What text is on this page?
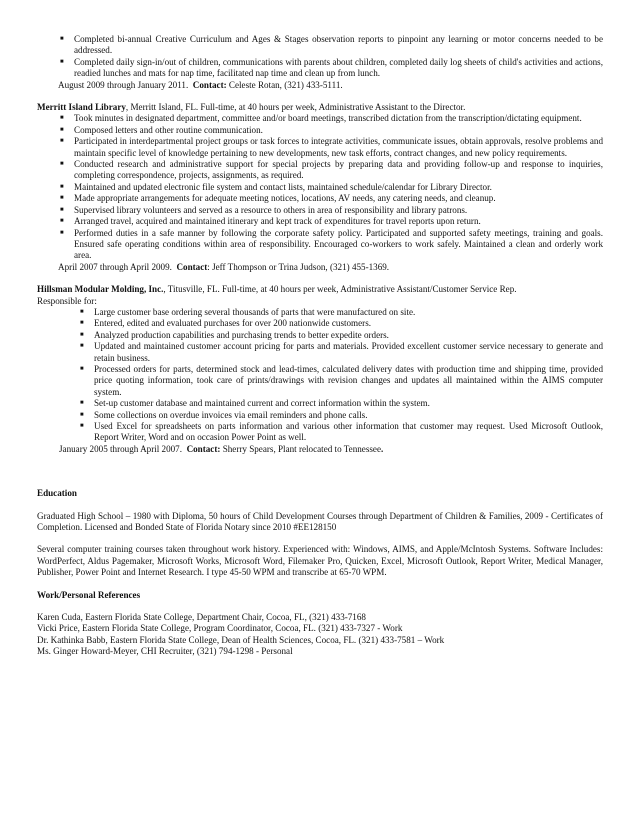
■ Completed bi-annual Creative Curriculum and Ages & Stages observation reports to pinpoint any learning or motor concerns needed to be addressed.
■ Completed daily sign-in/out of children, communications with parents about children, completed daily log sheets of child's activities and actions, readied lunches and mats for nap time, facilitated nap time and clean up from lunch.

August 2009 through January 2011. Contact: Celeste Rotan, (321) 433-5111.

Merritt Island Library, Merritt Island, FL. Full-time, at 40 hours per week, Administrative Assistant to the Director.

■ Took minutes in designated department, committee and/or board meetings, transcribed dictation from the transcription/dictating equipment.
■ Composed letters and other routine communication.
■ Participated in interdepartmental project groups or task forces to integrate activities, communicate issues, obtain approvals, resolve problems and maintain specific level of knowledge pertaining to new developments, new task efforts, contract changes, and new policy requirements.
■ Conducted research and administrative support for special projects by preparing data and providing follow-up and response to inquiries, completing correspondence, projects, assignments, as required.
■ Maintained and updated electronic file system and contact lists, maintained schedule/calendar for Library Director.
■ Made appropriate arrangements for adequate meeting notices, locations, AV needs, any catering needs, and cleanup.
■ Supervised library volunteers and served as a resource to others in area of responsibility and library patrons.
■ Arranged travel, acquired and maintained itinerary and kept track of expenditures for travel reports upon return.
■ Performed duties in a safe manner by following the corporate safety policy. Participated and supported safety meetings, training and goals. Ensured safe operating conditions within area of responsibility. Encouraged co-workers to work safely. Maintained a clean and orderly work area.

April 2007 through April 2009. Contact: Jeff Thompson or Trina Judson, (321) 455-1369.

Hillsman Modular Molding, Inc., Titusville, FL. Full-time, at 40 hours per week, Administrative Assistant/Customer Service Rep.

Responsible for:

■ Large customer base ordering several thousands of parts that were manufactured on site.
■ Entered, edited and evaluated purchases for over 200 nationwide customers.
■ Analyzed production capabilities and purchasing trends to better expedite orders.
■ Updated and maintained customer account pricing for parts and materials. Provided excellent customer service necessary to generate and retain business.
■ Processed orders for parts, determined stock and lead-times, calculated delivery dates with production time and shipping time, provided price quoting information, took care of prints/drawings with revision changes and updates all maintained within the AIMS computer system.
■ Set-up customer database and maintained current and correct information within the system.
■ Some collections on overdue invoices via email reminders and phone calls.
■ Used Excel for spreadsheets on parts information and various other information that customer may request. Used Microsoft Outlook, Report Writer, Word and on occasion Power Point as well.

January 2005 through April 2007. Contact: Sherry Spears, Plant relocated to Tennessee.

Education

Graduated High School – 1980 with Diploma, 50 hours of Child Development Courses through Department of Children & Families, 2009 - Certificates of Completion. Licensed and Bonded State of Florida Notary since 2010 #EE128150

Several computer training courses taken throughout work history. Experienced with: Windows, AIMS, and Apple/McIntosh Systems. Software Includes: WordPerfect, Aldus Pagemaker, Microsoft Works, Microsoft Word, Filemaker Pro, Quicken, Excel, Microsoft Outlook, Report Writer, Medical Manager, Publisher, Power Point and Internet Research. I type 45-50 WPM and transcribe at 65-70 WPM.

Work/Personal References

Karen Cuda, Eastern Florida State College, Department Chair, Cocoa, FL, (321) 433-7168

Vicki Price, Eastern Florida State College, Program Coordinator, Cocoa, FL. (321) 433-7327 - Work

Dr. Kathinka Babb, Eastern Florida State College, Dean of Health Sciences, Cocoa, FL. (321) 433-7581 – Work

Ms. Ginger Howard-Meyer, CHI Recruiter, (321) 794-1298 - Personal
